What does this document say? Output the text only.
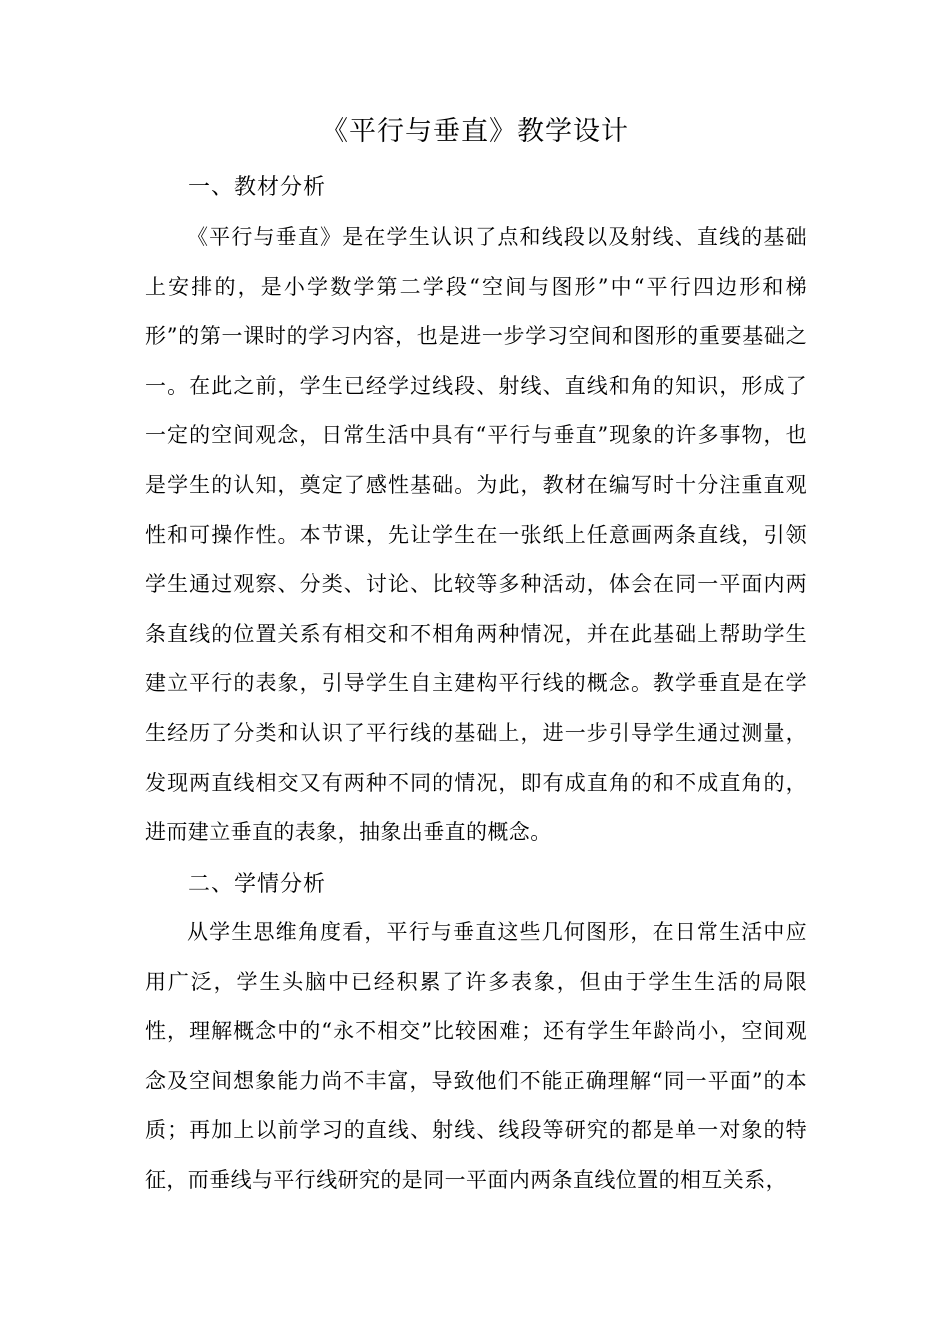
《平行与垂直》教学设计
一、教材分析

《平行与垂直》是在学生认识了点和线段以及射线、直线的基础上安排的，是小学数学第二学段“空间与图形”中“平行四边形和梯形”的第一课时的学习内容，也是进一步学习空间和图形的重要基础之一。在此之前，学生已经学过线段、射线、直线和角的知识，形成了一定的空间观念，日常生活中具有“平行与垂直”现象的许多事物，也是学生的认知，奠定了感性基础。为此，教材在编写时十分注重直观性和可操作性。本节课，先让学生在一张纸上任意画两条直线，引领学生通过观察、分类、讨论、比较等多种活动，体会在同一平面内两条直线的位置关系有相交和不相角两种情况，并在此基础上帮助学生建立平行的表象，引导学生自主建构平行线的概念。教学垂直是在学生经历了分类和认识了平行线的基础上，进一步引导学生通过测量，发现两直线相交又有两种不同的情况，即有成直角的和不成直角的，进而建立垂直的表象，抽象出垂直的概念。

二、学情分析

从学生思维角度看，平行与垂直这些几何图形，在日常生活中应用广泛，学生头脑中已经积累了许多表象，但由于学生生活的局限性，理解概念中的“永不相交”比较困难；还有学生年龄尚小，空间观念及空间想象能力尚不丰富，导致他们不能正确理解“同一平面”的本质；再加上以前学习的直线、射线、线段等研究的都是单一对象的特征，而垂线与平行线研究的是同一平面内两条直线位置的相互关系，
